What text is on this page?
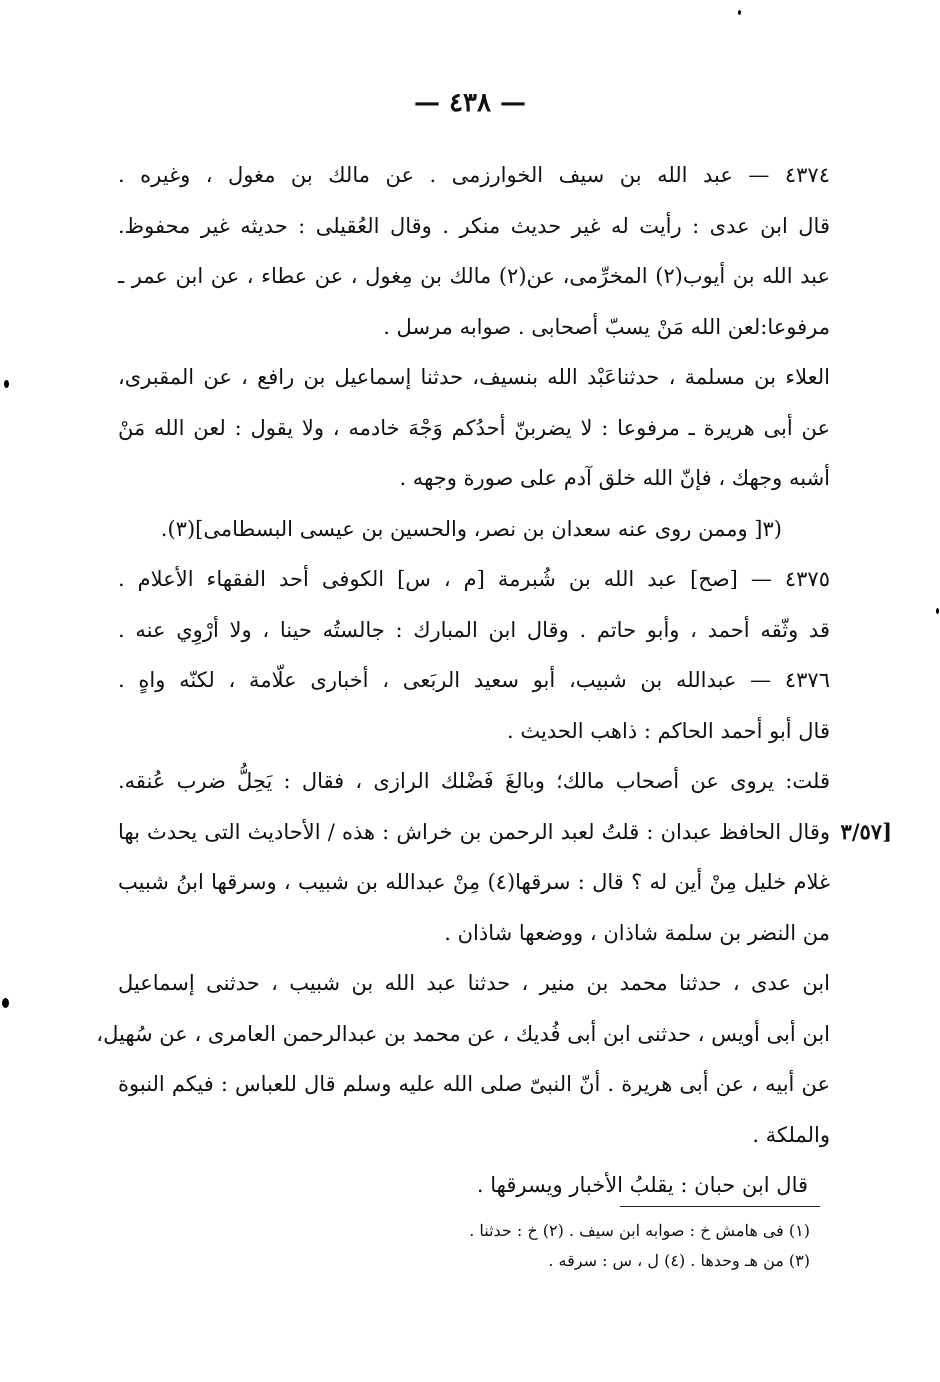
— ٤٣٨ —
٤٣٧٤ — عبد الله بن سيف الخوارزمى . عن مالك بن مغول ، وغيره .
قال ابن عدى : رأيت له غير حديث منكر . وقال العُقيلى : حديثه غير محفوظ.
عبد الله بن أيوب(٢) المخرِّمى، عن(٢) مالك بن مِغول ، عن عطاء ، عن ابن عمر ـ
مرفوعا:لعن الله مَنْ يسبّ أصحابى . صوابه مرسل .
العلاء بن مسلمة ، حدثناعَبْد الله بنسيف، حدثنا إسماعيل بن رافع ، عن المقبرى،
عن أبى هريرة ـ مرفوعا : لا يضربنّ أحدُكم وَجْهَ خادمه ، ولا يقول : لعن الله مَنْ
أشبه وجهك ، فإنّ الله خلق آدم على صورة وجهه .
(٣[ وممن روى عنه سعدان بن نصر، والحسين بن عيسى البسطامى](٣).
٤٣٧٥ — [صح] عبد الله بن شُبرمة [م ، س] الكوفى أحد الفقهاء الأعلام .
قد وثّقه أحمد ، وأبو حاتم . وقال ابن المبارك : جالستُه حينا ، ولا أرْوِي عنه .
٤٣٧٦ — عبدالله بن شبيب، أبو سعيد الربَعى ، أخبارى علّامة ، لكنّه واهٍ .
قال أبو أحمد الحاكم : ذاهب الحديث .
قلت: يروى عن أصحاب مالك؛ وبالغَ فَضْلك الرازى ، فقال : يَحِلُّ ضرب عُنقه.
[٣/٥٧
وقال الحافظ عبدان : قلتُ لعبد الرحمن بن خراش : هذه / الأحاديث التى يحدث بها
غلام خليل مِنْ أين له ؟ قال : سرقها(٤) مِنْ عبدالله بن شبيب ، وسرقها ابنُ شبيب
من النضر بن سلمة شاذان ، ووضعها شاذان .
ابن عدى ، حدثنا محمد بن منير ، حدثنا عبد الله بن شبيب ، حدثنى إسماعيل
ابن أبى أويس ، حدثنى ابن أبى فُديك ، عن محمد بن عبدالرحمن العامرى ، عن سُهيل،
عن أبيه ، عن أبى هريرة . أنّ النبىّ صلى الله عليه وسلم قال للعباس : فيكم النبوة
والملكة .
قال ابن حبان : يقلبُ الأخبار ويسرقها .
(١) فى هامش خ : صوابه ابن سيف . (٢) خ : حدثنا .
(٣) من هـ وحدها . (٤) ل ، س : سرقه .
